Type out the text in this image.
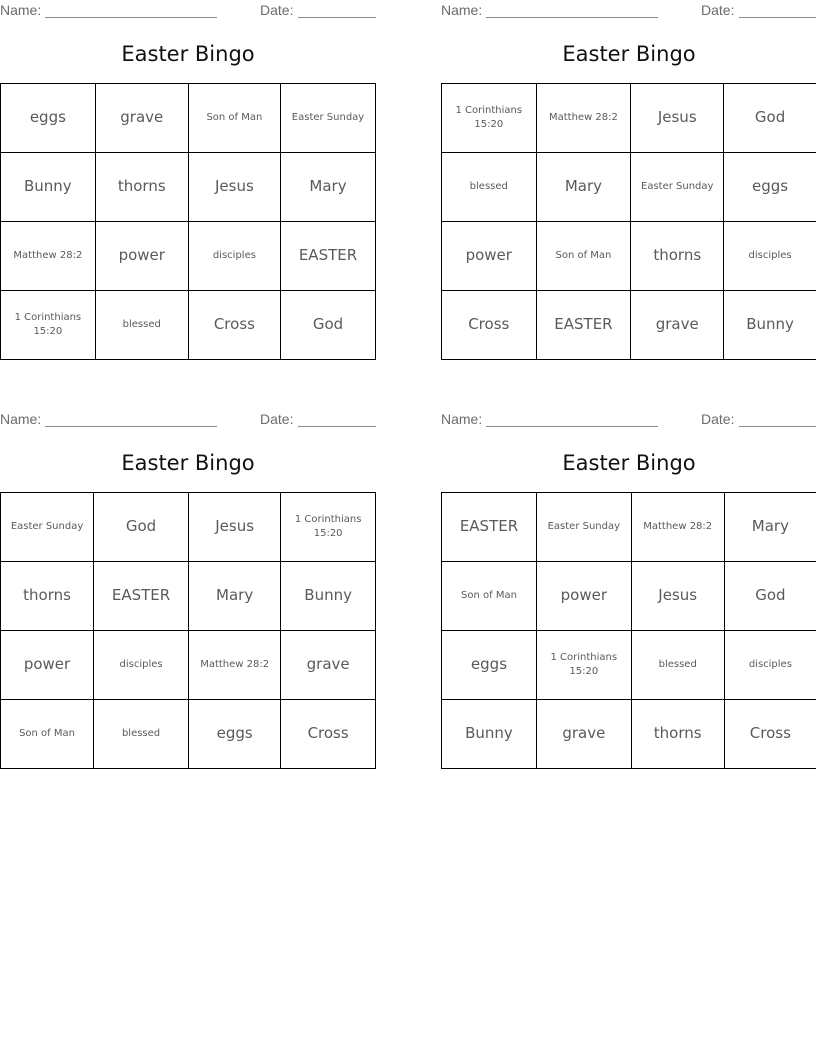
Name:	Date:
Easter Bingo
eggs	grave	Son of Man	Easter Sunday
Bunny	thorns	Jesus	Mary
Matthew 28:2	power	disciples	EASTER
1 Corinthians 15:20	blessed	Cross	God
Name:	Date:
Easter Bingo
1 Corinthians 15:20	Matthew 28:2	Jesus	God
blessed	Mary	Easter Sunday	eggs
power	Son of Man	thorns	disciples
Cross	EASTER	grave	Bunny
Name:	Date:
Easter Bingo
Easter Sunday	God	Jesus	1 Corinthians 15:20
thorns	EASTER	Mary	Bunny
power	disciples	Matthew 28:2	grave
Son of Man	blessed	eggs	Cross
Name:	Date:
Easter Bingo
EASTER	Easter Sunday	Matthew 28:2	Mary
Son of Man	power	Jesus	God
eggs	1 Corinthians 15:20	blessed	disciples
Bunny	grave	thorns	Cross
